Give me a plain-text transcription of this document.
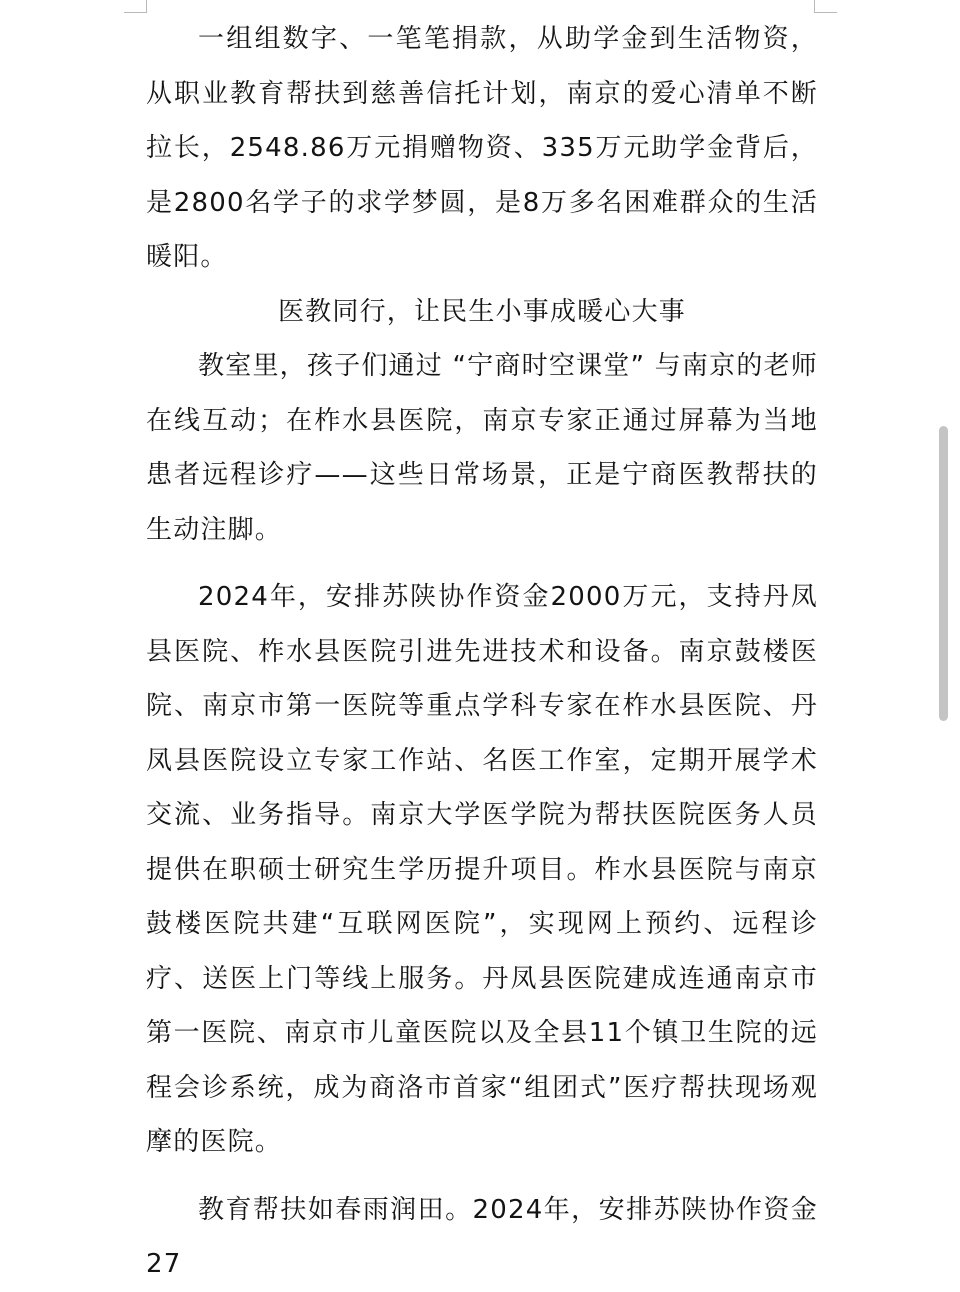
一组组数字、一笔笔捐款，从助学金到生活物资，从职业教育帮扶到慈善信托计划，南京的爱心清单不断拉长，2548.86万元捐赠物资、335万元助学金背后，是2800名学子的求学梦圆，是8万多名困难群众的生活暖阳。

医教同行，让民生小事成暖心大事

教室里，孩子们通过 “宁商时空课堂” 与南京的老师在线互动；在柞水县医院，南京专家正通过屏幕为当地患者远程诊疗——这些日常场景，正是宁商医教帮扶的生动注脚。

2024年，安排苏陕协作资金2000万元，支持丹凤县医院、柞水县医院引进先进技术和设备。南京鼓楼医院、南京市第一医院等重点学科专家在柞水县医院、丹凤县医院设立专家工作站、名医工作室，定期开展学术交流、业务指导。南京大学医学院为帮扶医院医务人员提供在职硕士研究生学历提升项目。柞水县医院与南京鼓楼医院共建“互联网医院”，实现网上预约、远程诊疗、送医上门等线上服务。丹凤县医院建成连通南京市第一医院、南京市儿童医院以及全县11个镇卫生院的远程会诊系统，成为商洛市首家“组团式”医疗帮扶现场观摩的医院。

教育帮扶如春雨润田。2024年，安排苏陕协作资金27
